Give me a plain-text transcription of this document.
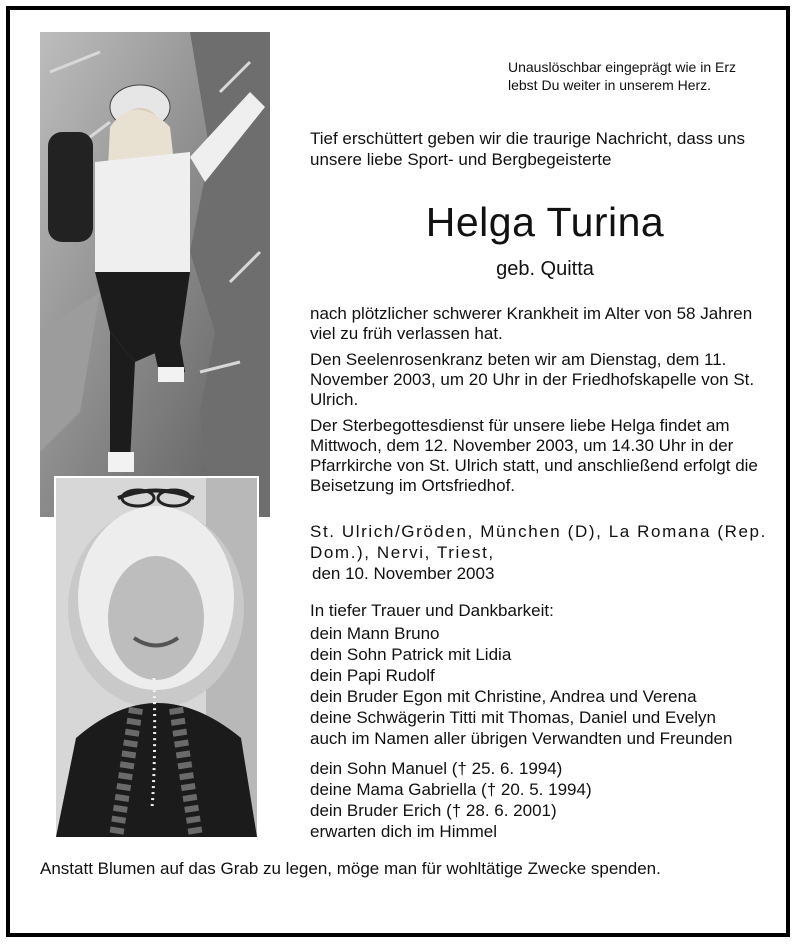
Unauslöschbar eingeprägt wie in Erz
lebst Du weiter in unserem Herz.
Tief erschüttert geben wir die traurige Nachricht, dass uns unsere liebe Sport- und Bergbegeisterte
Helga Turina
geb. Quitta

nach plötzlicher schwerer Krankheit im Alter von 58 Jahren viel zu früh verlassen hat.

Den Seelenrosenkranz beten wir am Dienstag, dem 11. November 2003, um 20 Uhr in der Friedhofskapelle von St. Ulrich.

Der Sterbegottesdienst für unsere liebe Helga findet am Mittwoch, dem 12. November 2003, um 14.30 Uhr in der Pfarrkirche von St. Ulrich statt, und anschließend erfolgt die Beisetzung im Ortsfriedhof.

St. Ulrich/Gröden, München (D), La Romana (Rep. Dom.), Nervi, Triest,
den 10. November 2003
In tiefer Trauer und Dankbarkeit:
dein Mann Bruno
dein Sohn Patrick mit Lidia
dein Papi Rudolf
dein Bruder Egon mit Christine, Andrea und Verena
deine Schwägerin Titti mit Thomas, Daniel und Evelyn
auch im Namen aller übrigen Verwandten und Freunden
dein Sohn Manuel († 25. 6. 1994)
deine Mama Gabriella († 20. 5. 1994)
dein Bruder Erich († 28. 6. 2001)
erwarten dich im Himmel
Anstatt Blumen auf das Grab zu legen, möge man für wohltätige Zwecke spenden.
